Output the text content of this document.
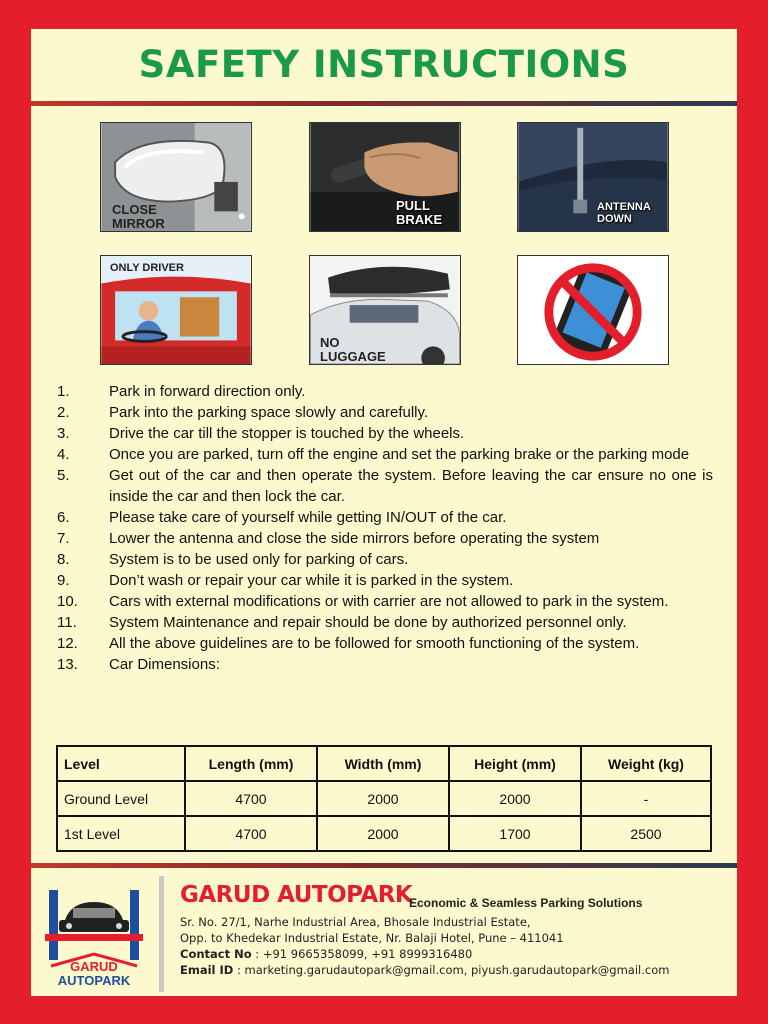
SAFETY INSTRUCTIONS
CLOSE
MIRROR
PULL
BRAKE
ANTENNA
DOWN
ONLY DRIVER
NO
LUGGAGE
1.	Park in forward direction only.
2.	Park into the parking space slowly and carefully.
3.	Drive the car till the stopper is touched by the wheels.
4.	Once you are parked, turn off the engine and set the parking brake or the parking mode
5.	Get out of the car and then operate the system. Before leaving the car ensure no one is inside the car and then lock the car.
6.	Please take care of yourself while getting IN/OUT of the car.
7.	Lower the antenna and close the side mirrors before operating the system
8.	System is to be used only for parking of cars.
9.	Don’t wash or repair your car while it is parked in the system.
10. Cars with external modifications or with carrier are not allowed to park in the system.
11. System Maintenance and repair should be done by authorized personnel only.
12. All the above guidelines are to be followed for smooth functioning of the system.
13. Car Dimensions:
Level	Length (mm)	Width (mm)	Height (mm)	Weight (kg)
Ground Level	4700	2000	2000	-
1st Level	4700	2000	1700	2500
GARUD
AUTOPARK
GARUD AUTOPARK
Economic & Seamless Parking Solutions
Sr. No. 27/1, Narhe Industrial Area, Bhosale Industrial Estate,
Opp. to Khedekar Industrial Estate, Nr. Balaji Hotel, Pune – 411041
Contact No : +91 9665358099, +91 8999316480
Email ID : marketing.garudautopark@gmail.com, piyush.garudautopark@gmail.com
